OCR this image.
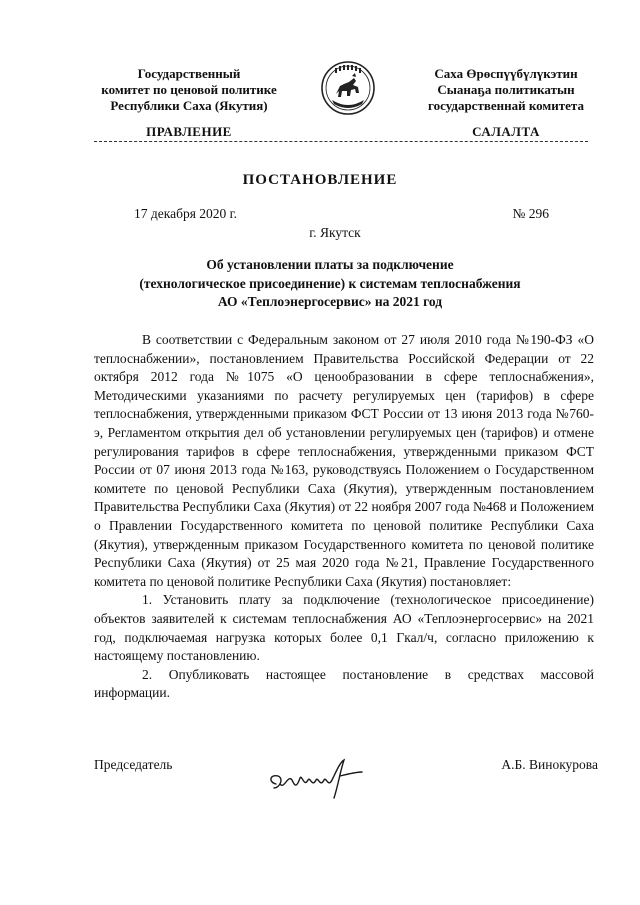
Государственный
комитет по ценовой политике
Республики Саха (Якутия)
Саха Өрөспүүбүлүкэтин
Сыанаҕа политикатын
государственнай комитета
ПРАВЛЕНИЕ	САЛАЛТА
ПОСТАНОВЛЕНИЕ
17 декабря 2020 г.	№ 296
г. Якутск
Об установлении платы за подключение
(технологическое присоединение) к системам теплоснабжения
АО «Теплоэнергосервис» на 2021 год

В соответствии с Федеральным законом от 27 июля 2010 года №190-ФЗ «О теплоснабжении», постановлением Правительства Российской Федерации от 22 октября 2012 года №1075 «О ценообразовании в сфере теплоснабжения», Методическими указаниями по расчету регулируемых цен (тарифов) в сфере теплоснабжения, утвержденными приказом ФСТ России от 13 июня 2013 года №760-э, Регламентом открытия дел об установлении регулируемых цен (тарифов) и отмене регулирования тарифов в сфере теплоснабжения, утвержденными приказом ФСТ России от 07 июня 2013 года №163, руководствуясь Положением о Государственном комитете по ценовой Республики Саха (Якутия), утвержденным постановлением Правительства Республики Саха (Якутия) от 22 ноября 2007 года №468 и Положением о Правлении Государственного комитета по ценовой политике Республики Саха (Якутия), утвержденным приказом Государственного комитета по ценовой политике Республики Саха (Якутия) от 25 мая 2020 года №21, Правление Государственного комитета по ценовой политике Республики Саха (Якутия) постановляет:

1. Установить плату за подключение (технологическое присоединение) объектов заявителей к системам теплоснабжения АО «Теплоэнергосервис» на 2021 год, подключаемая нагрузка которых более 0,1 Гкал/ч, согласно приложению к настоящему постановлению.

2. Опубликовать настоящее постановление в средствах массовой информации.

Председатель	А.Б. Винокурова
